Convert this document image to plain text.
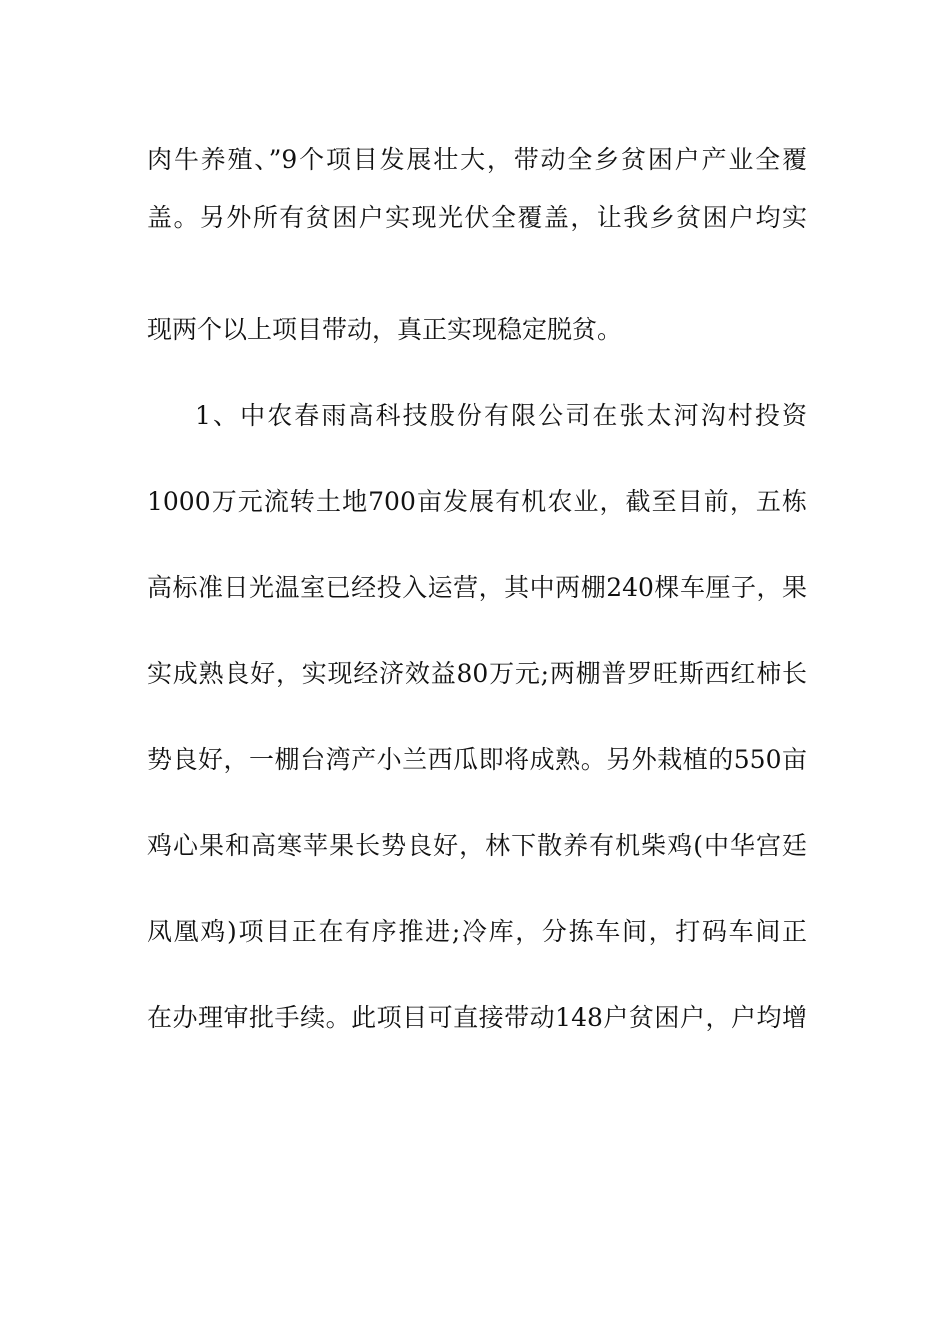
肉牛养殖、”9个项目发展壮大，带动全乡贫困户产业全覆

盖。另外所有贫困户实现光伏全覆盖，让我乡贫困户均实

现两个以上项目带动，真正实现稳定脱贫。

1、中农春雨高科技股份有限公司在张太河沟村投资

1000万元流转土地700亩发展有机农业，截至目前，五栋

高标准日光温室已经投入运营，其中两棚240棵车厘子，果

实成熟良好，实现经济效益80万元;两棚普罗旺斯西红柿长

势良好，一棚台湾产小兰西瓜即将成熟。另外栽植的550亩

鸡心果和高寒苹果长势良好，林下散养有机柴鸡(中华宫廷

凤凰鸡)项目正在有序推进;冷库，分拣车间，打码车间正

在办理审批手续。此项目可直接带动148户贫困户，户均增
